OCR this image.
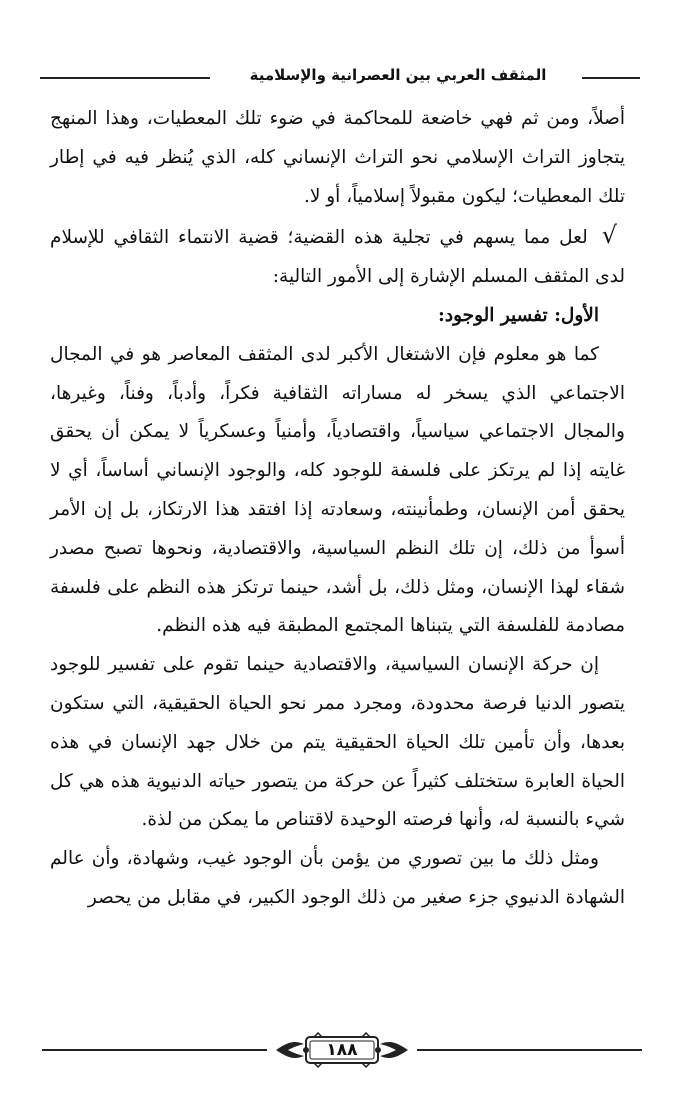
المثقف العربي بين العصرانية والإسلامية

أصلاً، ومن ثم فهي خاضعة للمحاكمة في ضوء تلك المعطيات، وهذا المنهج يتجاوز التراث الإسلامي نحو التراث الإنساني كله، الذي يُنظر فيه في إطار تلك المعطيات؛ ليكون مقبولاً إسلامياً، أو لا.

√لعل مما يسهم في تجلية هذه القضية؛ قضية الانتماء الثقافي للإسلام لدى المثقف المسلم الإشارة إلى الأمور التالية:

الأول: تفسير الوجود:

كما هو معلوم فإن الاشتغال الأكبر لدى المثقف المعاصر هو في المجال الاجتماعي الذي يسخر له مساراته الثقافية فكراً، وأدباً، وفناً، وغيرها، والمجال الاجتماعي سياسياً، واقتصادياً، وأمنياً وعسكرياً لا يمكن أن يحقق غايته إذا لم يرتكز على فلسفة للوجود كله، والوجود الإنساني أساساً، أي لا يحقق أمن الإنسان، وطمأنينته، وسعادته إذا افتقد هذا الارتكاز، بل إن الأمر أسوأ من ذلك، إن تلك النظم السياسية، والاقتصادية، ونحوها تصبح مصدر شقاء لهذا الإنسان، ومثل ذلك، بل أشد، حينما ترتكز هذه النظم على فلسفة مصادمة للفلسفة التي يتبناها المجتمع المطبقة فيه هذه النظم.

إن حركة الإنسان السياسية، والاقتصادية حينما تقوم على تفسير للوجود يتصور الدنيا فرصة محدودة، ومجرد ممر نحو الحياة الحقيقية، التي ستكون بعدها، وأن تأمين تلك الحياة الحقيقية يتم من خلال جهد الإنسان في هذه الحياة العابرة ستختلف كثيراً عن حركة من يتصور حياته الدنيوية هذه هي كل شيء بالنسبة له، وأنها فرصته الوحيدة لاقتناص ما يمكن من لذة.

ومثل ذلك ما بين تصوري من يؤمن بأن الوجود غيب، وشهادة، وأن عالم الشهادة الدنيوي جزء صغير من ذلك الوجود الكبير، في مقابل من يحصر

١٨٨
